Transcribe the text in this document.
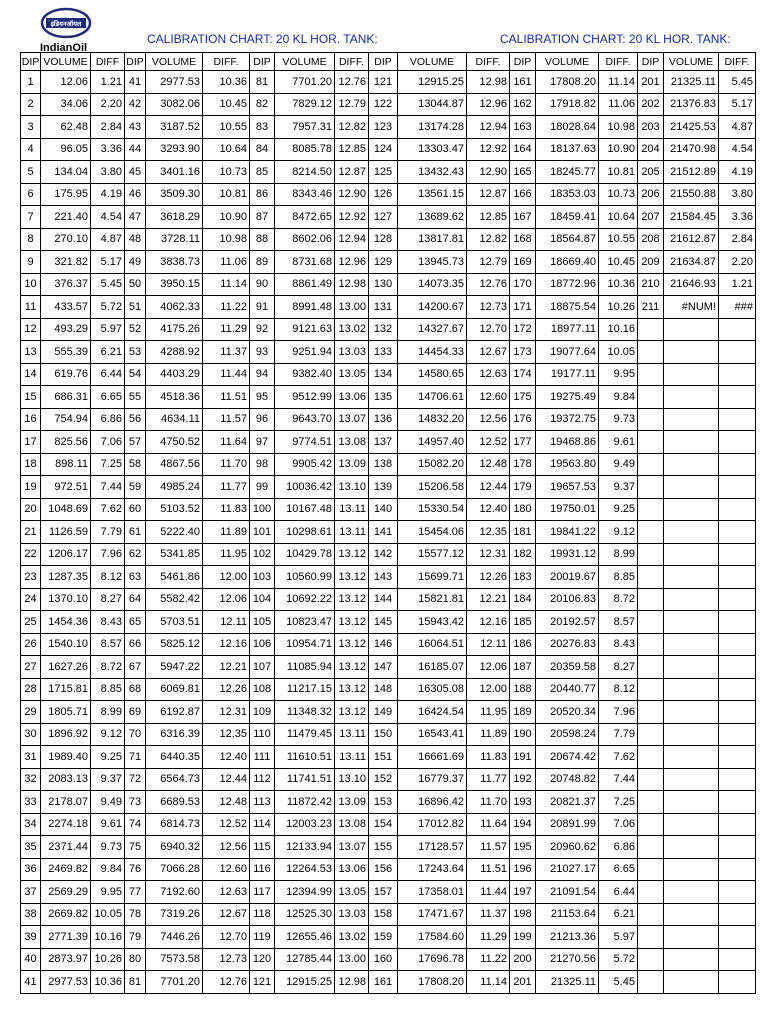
इंडियनऑयल
IndianOil
CALIBRATION CHART: 20 KL HOR. TANK:	CALIBRATION CHART: 20 KL HOR. TANK:
DIP	VOLUME	DIFF	DIP	VOLUME	DIFF.	DIP	VOLUME	DIFF.	DIP	VOLUME	DIFF.	DIP	VOLUME	DIFF.	DIP	VOLUME	DIFF.
1	12.06	1.21	41	2977.53	10.36	81	7701.20	12.76	121	12915.25	12.98	161	17808.20	11.14	201	21325.11	5.45
2	34.06	2.20	42	3082.06	10.45	82	7829.12	12.79	122	13044.87	12.96	162	17918.82	11.06	202	21376.83	5.17
3	62.48	2.84	43	3187.52	10.55	83	7957.31	12.82	123	13174.28	12.94	163	18028.64	10.98	203	21425.53	4.87
4	96.05	3.36	44	3293.90	10.64	84	8085.78	12.85	124	13303.47	12.92	164	18137.63	10.90	204	21470.98	4.54
5	134.04	3.80	45	3401.16	10.73	85	8214.50	12.87	125	13432.43	12.90	165	18245.77	10.81	205	21512.89	4.19
6	175.95	4.19	46	3509.30	10.81	86	8343.46	12.90	126	13561.15	12.87	166	18353.03	10.73	206	21550.88	3.80
7	221.40	4.54	47	3618.29	10.90	87	8472.65	12.92	127	13689.62	12.85	167	18459.41	10.64	207	21584.45	3.36
8	270.10	4.87	48	3728.11	10.98	88	8602.06	12.94	128	13817.81	12.82	168	18564.87	10.55	208	21612.87	2.84
9	321.82	5.17	49	3838.73	11.06	89	8731.68	12.96	129	13945.73	12.79	169	18669.40	10.45	209	21634.87	2.20
10	376.37	5.45	50	3950.15	11.14	90	8861.49	12.98	130	14073.35	12.76	170	18772.96	10.36	210	21646.93	1.21
11	433.57	5.72	51	4062.33	11.22	91	8991.48	13.00	131	14200.67	12.73	171	18875.54	10.26	211	#NUM!	###
12	493.29	5.97	52	4175.26	11.29	92	9121.63	13.02	132	14327.67	12.70	172	18977.11	10.16			
13	555.39	6.21	53	4288.92	11.37	93	9251.94	13.03	133	14454.33	12.67	173	19077.64	10.05			
14	619.76	6.44	54	4403.29	11.44	94	9382.40	13.05	134	14580.65	12.63	174	19177.11	9.95			
15	686.31	6.65	55	4518.36	11.51	95	9512.99	13.06	135	14706.61	12.60	175	19275.49	9.84			
16	754.94	6.86	56	4634.11	11.57	96	9643.70	13.07	136	14832.20	12.56	176	19372.75	9.73			
17	825.56	7.06	57	4750.52	11.64	97	9774.51	13.08	137	14957.40	12.52	177	19468.86	9.61			
18	898.11	7.25	58	4867.56	11.70	98	9905.42	13.09	138	15082.20	12.48	178	19563.80	9.49			
19	972.51	7.44	59	4985.24	11.77	99	10036.42	13.10	139	15206.58	12.44	179	19657.53	9.37			
20	1048.69	7.62	60	5103.52	11.83	100	10167.48	13.11	140	15330.54	12.40	180	19750.01	9.25			
21	1126.59	7.79	61	5222.40	11.89	101	10298.61	13.11	141	15454.06	12.35	181	19841.22	9.12			
22	1206.17	7.96	62	5341.85	11.95	102	10429.78	13.12	142	15577.12	12.31	182	19931.12	8.99			
23	1287.35	8.12	63	5461.86	12.00	103	10560.99	13.12	143	15699.71	12.26	183	20019.67	8.85			
24	1370.10	8.27	64	5582.42	12.06	104	10692.22	13.12	144	15821.81	12.21	184	20106.83	8.72			
25	1454.36	8.43	65	5703.51	12.11	105	10823.47	13.12	145	15943.42	12.16	185	20192.57	8.57			
26	1540.10	8.57	66	5825.12	12.16	106	10954.71	13.12	146	16064.51	12.11	186	20276.83	8.43			
27	1627.26	8.72	67	5947.22	12.21	107	11085.94	13.12	147	16185.07	12.06	187	20359.58	8.27			
28	1715.81	8.85	68	6069.81	12.26	108	11217.15	13.12	148	16305.08	12.00	188	20440.77	8.12			
29	1805.71	8.99	69	6192.87	12.31	109	11348.32	13.12	149	16424.54	11.95	189	20520.34	7.96			
30	1896.92	9.12	70	6316.39	12.35	110	11479.45	13.11	150	16543.41	11.89	190	20598.24	7.79			
31	1989.40	9.25	71	6440.35	12.40	111	11610.51	13.11	151	16661.69	11.83	191	20674.42	7.62			
32	2083.13	9.37	72	6564.73	12.44	112	11741.51	13.10	152	16779.37	11.77	192	20748.82	7.44			
33	2178.07	9.49	73	6689.53	12.48	113	11872.42	13.09	153	16896.42	11.70	193	20821.37	7.25			
34	2274.18	9.61	74	6814.73	12.52	114	12003.23	13.08	154	17012.82	11.64	194	20891.99	7.06			
35	2371.44	9.73	75	6940.32	12.56	115	12133.94	13.07	155	17128.57	11.57	195	20960.62	6.86			
36	2469.82	9.84	76	7066.28	12.60	116	12264.53	13.06	156	17243.64	11.51	196	21027.17	6.65			
37	2569.29	9.95	77	7192.60	12.63	117	12394.99	13.05	157	17358.01	11.44	197	21091.54	6.44			
38	2669.82	10.05	78	7319.26	12.67	118	12525.30	13.03	158	17471.67	11.37	198	21153.64	6.21			
39	2771.39	10.16	79	7446.26	12.70	119	12655.46	13.02	159	17584.60	11.29	199	21213.36	5.97			
40	2873.97	10.26	80	7573.58	12.73	120	12785.44	13.00	160	17696.78	11.22	200	21270.56	5.72			
41	2977.53	10.36	81	7701.20	12.76	121	12915.25	12.98	161	17808.20	11.14	201	21325.11	5.45			
